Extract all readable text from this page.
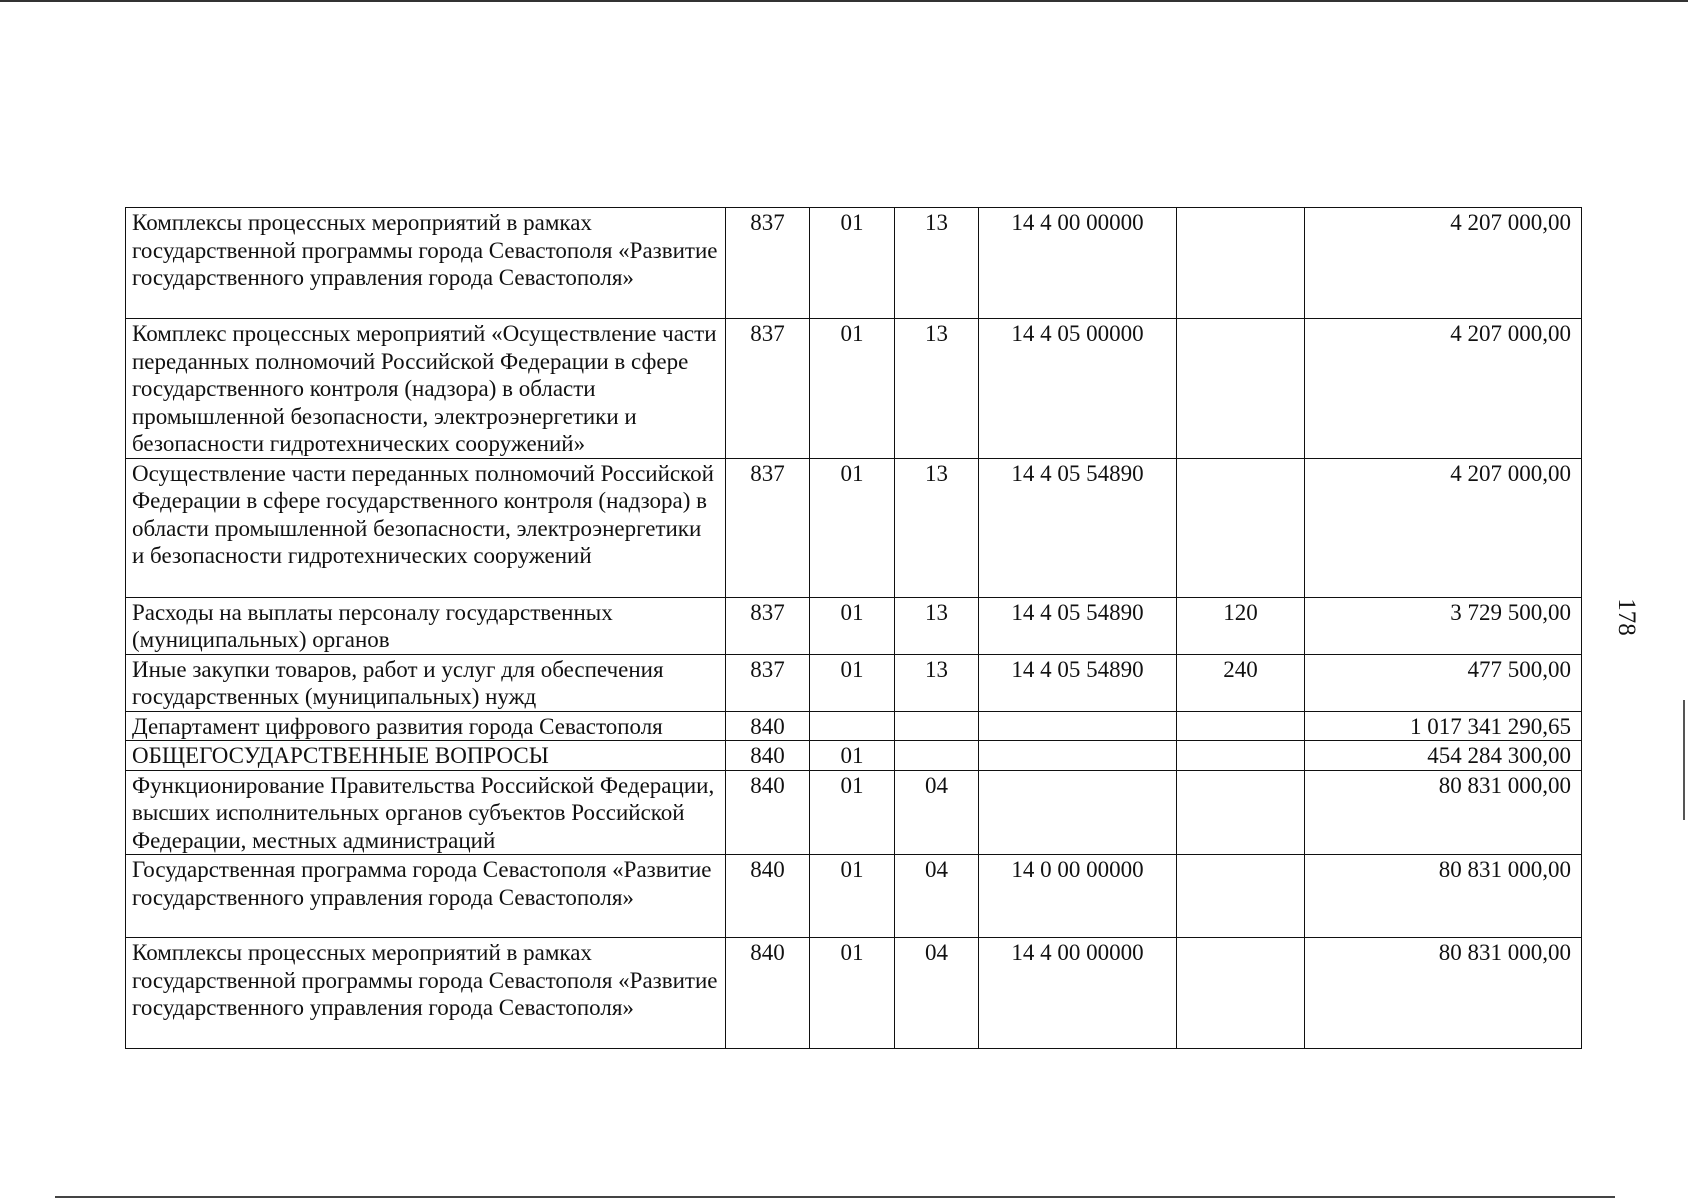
Комплексы процессных мероприятий в рамках государственной программы города Севастополя «Развитие государственного управления города Севастополя»	837	01	13	14 4 00 00000		4 207 000,00
Комплекс процессных мероприятий «Осуществление части переданных полномочий Российской Федерации в сфере государственного контроля (надзора) в области промышленной безопасности, электроэнергетики и безопасности гидротехнических сооружений»	837	01	13	14 4 05 00000		4 207 000,00
Осуществление части переданных полномочий Российской Федерации в сфере государственного контроля (надзора) в области промышленной безопасности, электроэнергетики и безопасности гидротехнических сооружений	837	01	13	14 4 05 54890		4 207 000,00
Расходы на выплаты персоналу государственных (муниципальных) органов	837	01	13	14 4 05 54890	120	3 729 500,00
Иные закупки товаров, работ и услуг для обеспечения государственных (муниципальных) нужд	837	01	13	14 4 05 54890	240	477 500,00
Департамент цифрового развития города Севастополя	840					1 017 341 290,65
ОБЩЕГОСУДАРСТВЕННЫЕ ВОПРОСЫ	840	01				454 284 300,00
Функционирование Правительства Российской Федерации, высших исполнительных органов субъектов Российской Федерации, местных администраций	840	01	04			80 831 000,00
Государственная программа города Севастополя «Развитие государственного управления города Севастополя»	840	01	04	14 0 00 00000		80 831 000,00
Комплексы процессных мероприятий в рамках государственной программы города Севастополя «Развитие государственного управления города Севастополя»	840	01	04	14 4 00 00000		80 831 000,00
178
